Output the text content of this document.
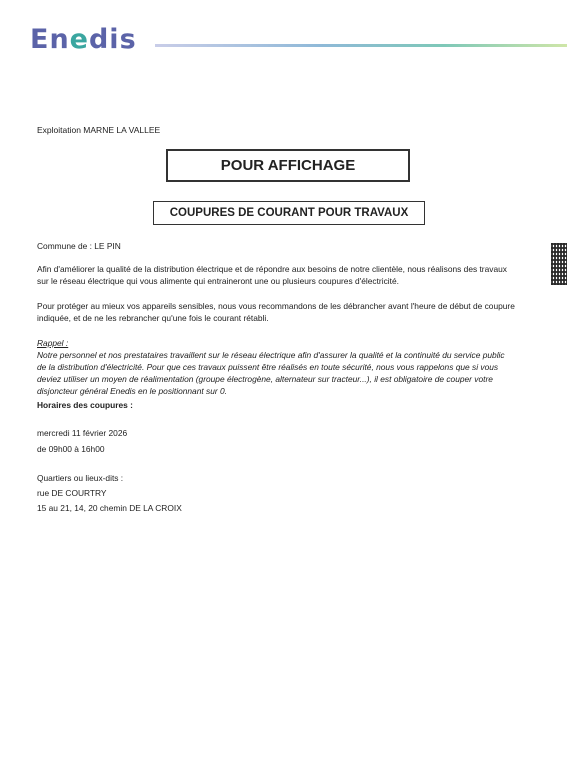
Enedis
Exploitation MARNE LA VALLEE
POUR AFFICHAGE
COUPURES DE COURANT POUR TRAVAUX
Commune de : LE PIN
Afin d'améliorer la qualité de la distribution électrique et de répondre aux besoins de notre clientèle, nous réalisons des travaux
sur le réseau électrique qui vous alimente qui entraineront une ou plusieurs coupures d'électricité.
Pour protéger au mieux vos appareils sensibles, nous vous recommandons de les débrancher avant l'heure de début de coupure
indiquée, et de ne les rebrancher qu'une fois le courant rétabli.
Rappel :
Notre personnel et nos prestataires travaillent sur le réseau électrique afin d'assurer la qualité et la continuité du service public
de la distribution d'électricité. Pour que ces travaux puissent être réalisés en toute sécurité, nous vous rappelons que si vous
deviez utiliser un moyen de réalimentation (groupe électrogène, alternateur sur tracteur...), il est obligatoire de couper votre
disjoncteur général Enedis en le positionnant sur 0.
Horaires des coupures :
mercredi 11 février 2026
de 09h00 à 16h00
Quartiers ou lieux-dits :
rue DE COURTRY
15 au 21, 14, 20 chemin DE LA CROIX
